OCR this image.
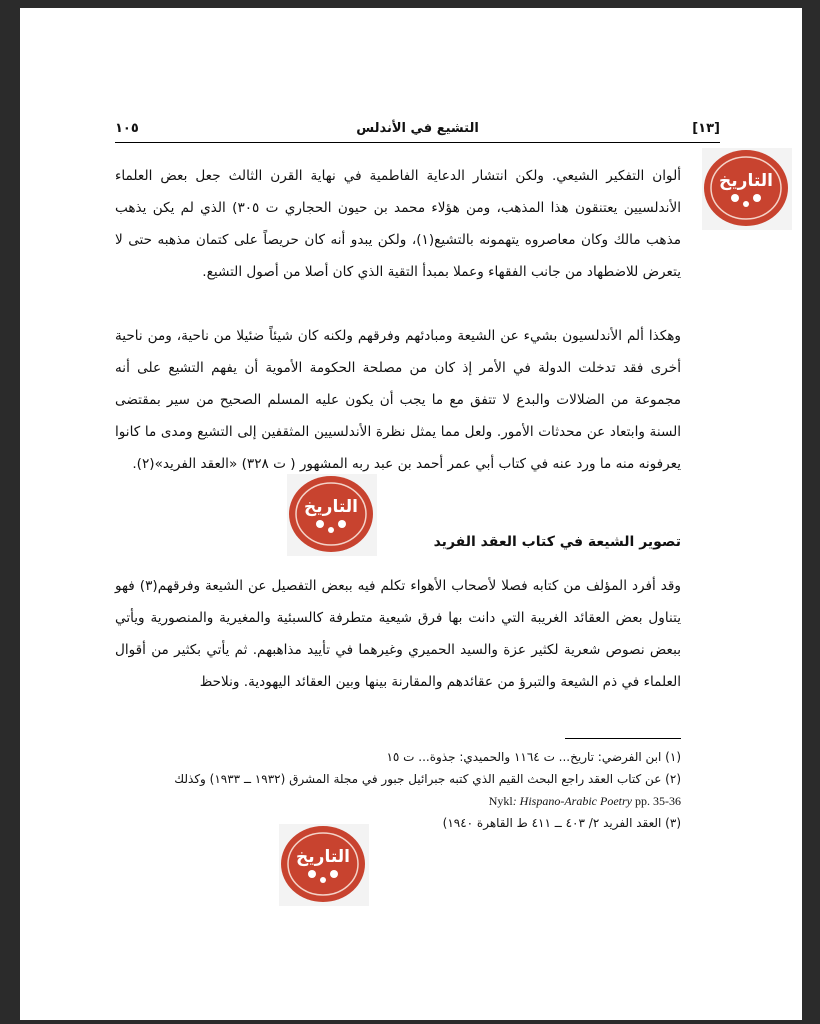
[١٣]
التشيع في الأندلس
١٠٥

ألوان التفكير الشيعي. ولكن انتشار الدعاية الفاطمية في نهاية القرن الثالث جعل بعض العلماء الأندلسيين يعتنقون هذا المذهب، ومن هؤلاء محمد بن حيون الحجاري ت ٣٠٥) الذي لم يكن يذهب مذهب مالك وكان معاصروه يتهمونه بالتشيع(١)، ولكن يبدو أنه كان حريصاً على كتمان مذهبه حتى لا يتعرض للاضطهاد من جانب الفقهاء وعملا بمبدأ التقية الذي كان أصلا من أصول التشيع.

وهكذا ألم الأندلسيون بشيء عن الشيعة ومبادئهم وفرقهم ولكنه كان شيئاً ضئيلا من ناحية، ومن ناحية أخرى فقد تدخلت الدولة في الأمر إذ كان من مصلحة الحكومة الأموية أن يفهم التشيع على أنه مجموعة من الضلالات والبدع لا تتفق مع ما يجب أن يكون عليه المسلم الصحيح من سير بمقتضى السنة وابتعاد عن محدثات الأمور. ولعل مما يمثل نظرة الأندلسيين المثقفين إلى التشيع ومدى ما كانوا يعرفونه منه ما ورد عنه في كتاب أبي عمر أحمد بن عبد ربه المشهور ( ت ٣٢٨) «العقد الفريد»(٢).

تصوير الشيعة في كتاب العقد الفريد

وقد أفرد المؤلف من كتابه فصلا لأصحاب الأهواء تكلم فيه ببعض التفصيل عن الشيعة وفرقهم(٣) فهو يتناول بعض العقائد الغريبة التي دانت بها فرق شيعية متطرفة كالسبئية والمغيرية والمنصورية ويأتي ببعض نصوص شعرية لكثير عزة والسيد الحميري وغيرهما في تأييد مذاهبهم. ثم يأتي بكثير من أقوال العلماء في ذم الشيعة والتبرؤ من عقائدهم والمقارنة بينها وبين العقائد اليهودية. ونلاحظ

(١) ابن الفرضي: تاريخ... ت ١١٦٤ والحميدي: جذوة... ت ١٥
(٢) عن كتاب العقد راجع البحث القيم الذي كتبه جبرائيل جبور في مجلة المشرق (١٩٣٢ ــ ١٩٣٣) وكذلك
Nykl: Hispano-Arabic Poetry pp. 35-36
(٣) العقد الفريد ٢/ ٤٠٣ ــ ٤١١ ط القاهرة ١٩٤٠)
التاريخ
التاريخ
التاريخ
